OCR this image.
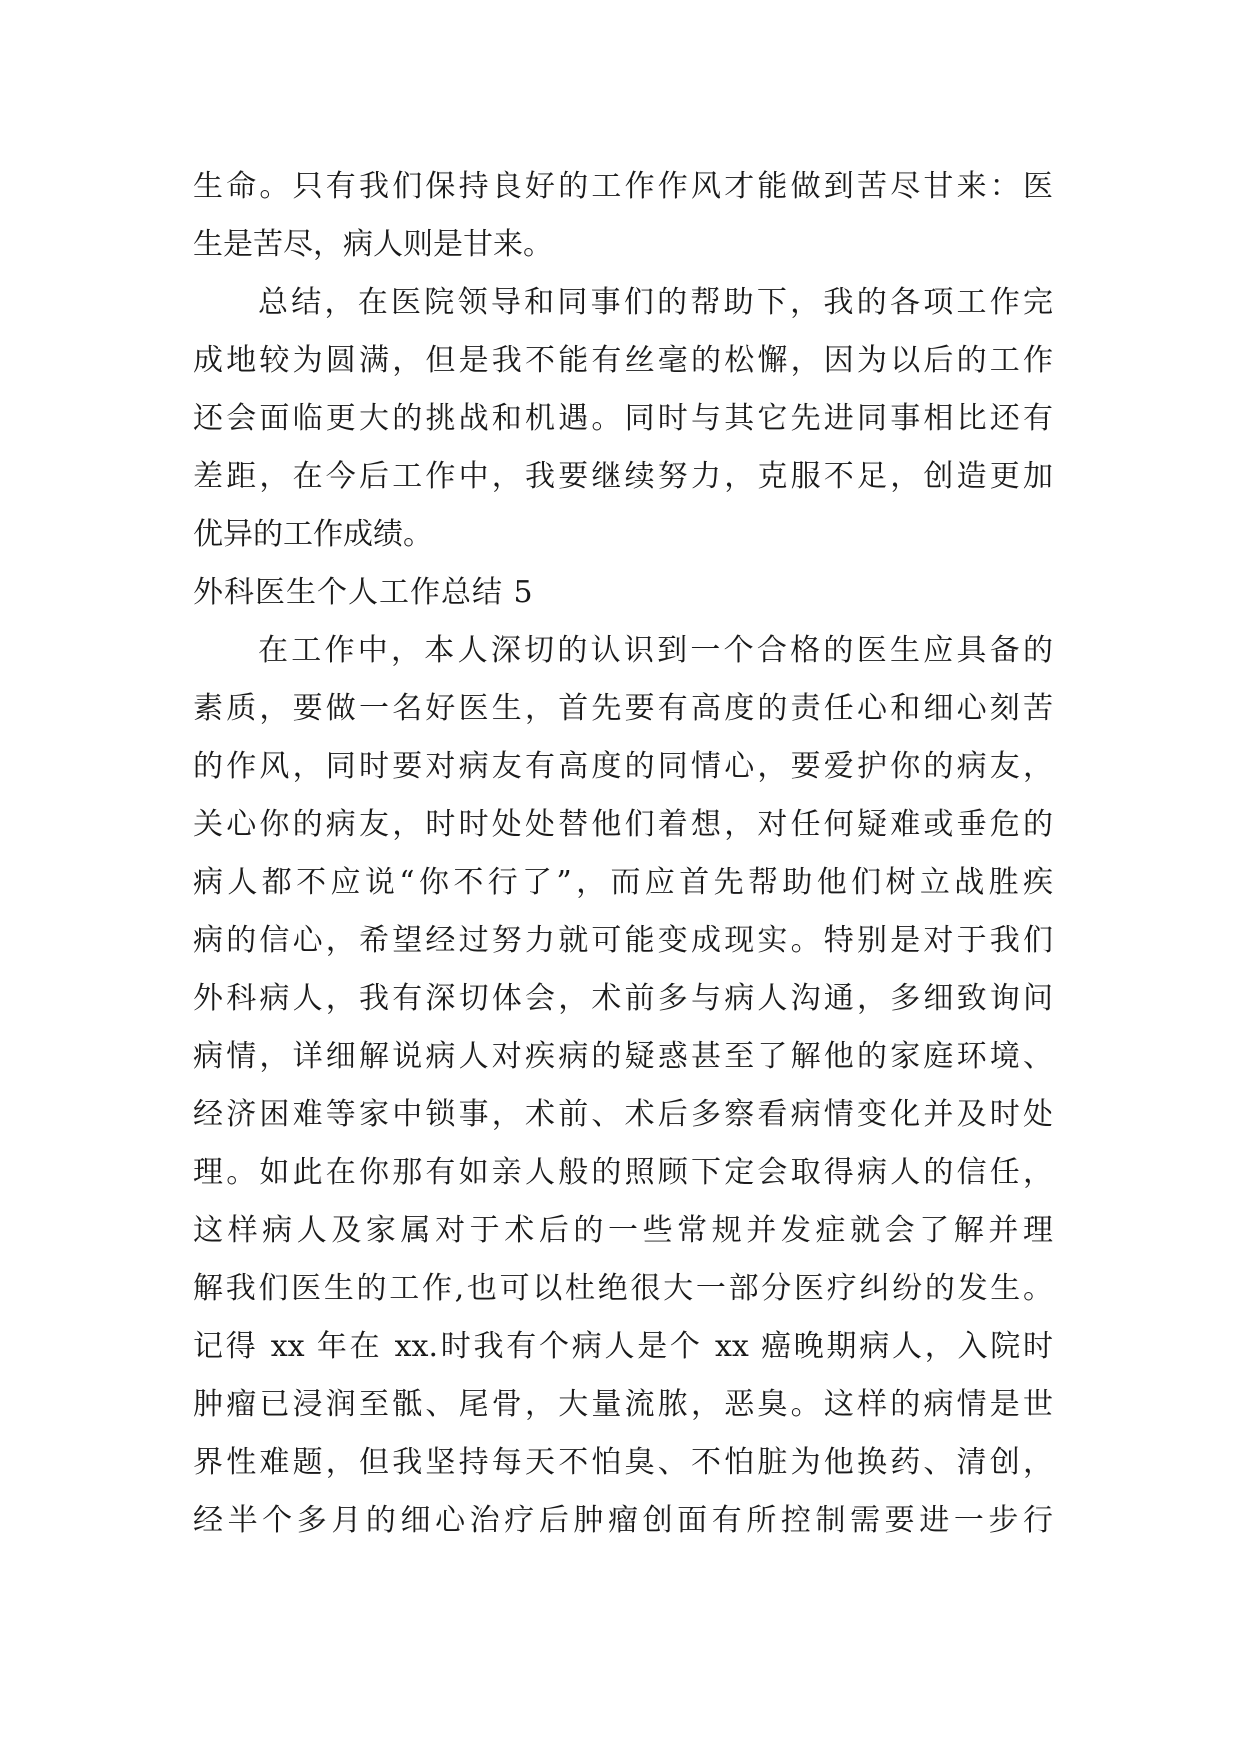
生命。只有我们保持良好的工作作风才能做到苦尽甘来：医
生是苦尽，病人则是甘来。
总结，在医院领导和同事们的帮助下，我的各项工作完
成地较为圆满，但是我不能有丝毫的松懈，因为以后的工作
还会面临更大的挑战和机遇。同时与其它先进同事相比还有
差距，在今后工作中，我要继续努力，克服不足，创造更加
优异的工作成绩。
外科医生个人工作总结 5
在工作中，本人深切的认识到一个合格的医生应具备的
素质，要做一名好医生，首先要有高度的责任心和细心刻苦
的作风，同时要对病友有高度的同情心，要爱护你的病友，
关心你的病友，时时处处替他们着想，对任何疑难或垂危的
病人都不应说“你不行了”，而应首先帮助他们树立战胜疾
病的信心，希望经过努力就可能变成现实。特别是对于我们
外科病人，我有深切体会，术前多与病人沟通，多细致询问
病情，详细解说病人对疾病的疑惑甚至了解他的家庭环境、
经济困难等家中锁事，术前、术后多察看病情变化并及时处
理。如此在你那有如亲人般的照顾下定会取得病人的信任，
这样病人及家属对于术后的一些常规并发症就会了解并理
解我们医生的工作,也可以杜绝很大一部分医疗纠纷的发生。
记得 xx 年在 xx.时我有个病人是个 xx 癌晚期病人，入院时
肿瘤已浸润至骶、尾骨，大量流脓，恶臭。这样的病情是世
界性难题，但我坚持每天不怕臭、不怕脏为他换药、清创，
经半个多月的细心治疗后肿瘤创面有所控制需要进一步行
